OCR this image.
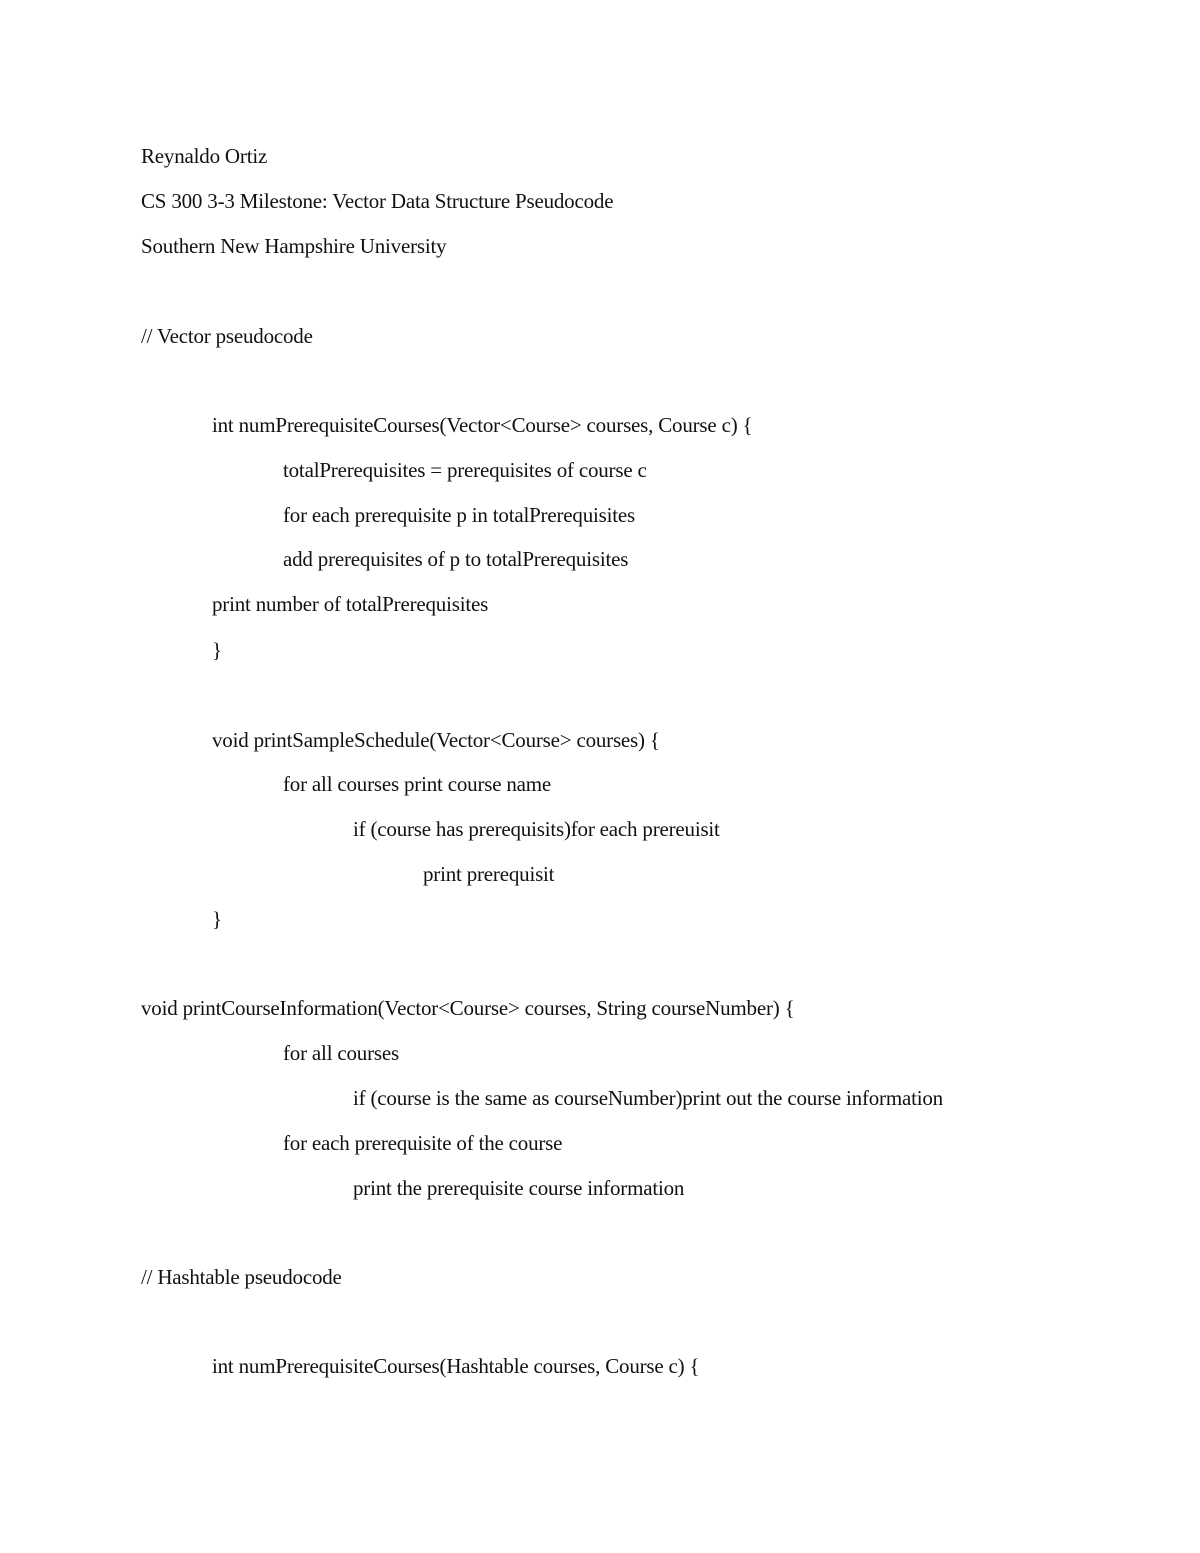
Reynaldo Ortiz
CS 300 3-3 Milestone: Vector Data Structure Pseudocode
Southern New Hampshire University
// Vector pseudocode
int numPrerequisiteCourses(Vector<Course> courses, Course c) {
totalPrerequisites = prerequisites of course c
for each prerequisite p in totalPrerequisites
add prerequisites of p to totalPrerequisites
print number of totalPrerequisites
}
void printSampleSchedule(Vector<Course> courses) {
for all courses print course name
if (course has prerequisits)for each prereuisit
print prerequisit
}
void printCourseInformation(Vector<Course> courses, String courseNumber) {
for all courses
if (course is the same as courseNumber)print out the course information
for each prerequisite of the course
print the prerequisite course information
// Hashtable pseudocode
int numPrerequisiteCourses(Hashtable courses, Course c) {
